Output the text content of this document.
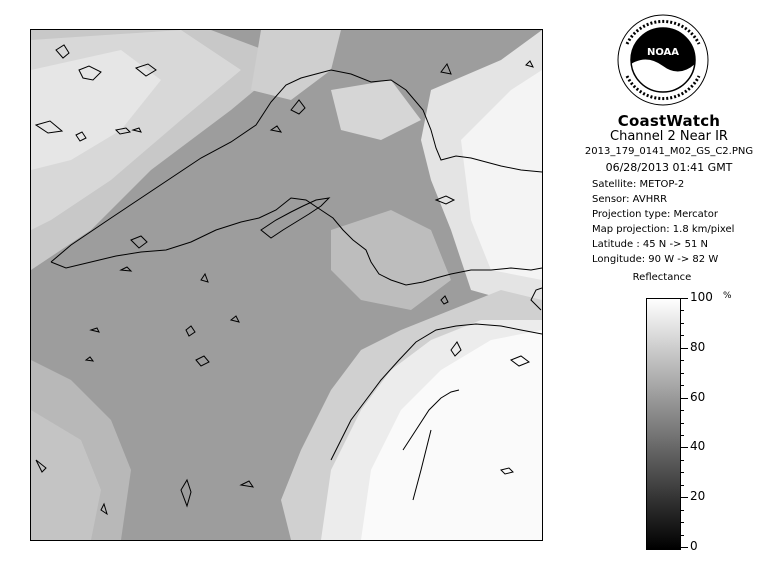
NOAA
CoastWatch
Channel 2 Near IR
2013_179_0141_M02_GS_C2.PNG
06/28/2013 01:41 GMT
Satellite: METOP-2
Sensor: AVHRR
Projection type: Mercator
Map projection: 1.8 km/pixel
Latitude : 45 N -> 51 N
Longitude: 90 W -> 82 W
Reflectance
%
100
80
60
40
20
0
